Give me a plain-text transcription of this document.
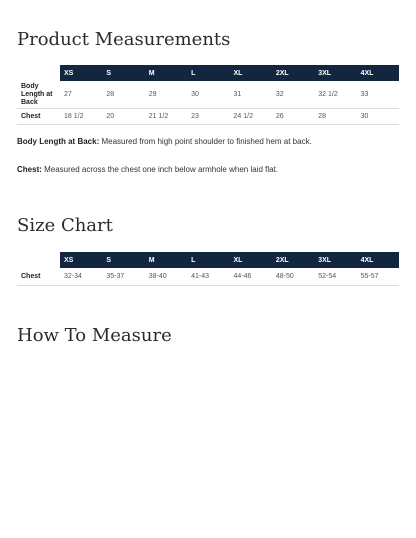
Product Measurements
	XS	S	M	L	XL	2XL	3XL	4XL
Body Length at Back	27	28	29	30	31	32	32 1/2	33
Chest	18 1/2	20	21 1/2	23	24 1/2	26	28	30

Body Length at Back: Measured from high point shoulder to finished hem at back.

Chest: Measured across the chest one inch below armhole when laid flat.

Size Chart
	XS	S	M	L	XL	2XL	3XL	4XL
Chest	32-34	35-37	38-40	41-43	44-46	48-50	52-54	55-57
How To Measure
